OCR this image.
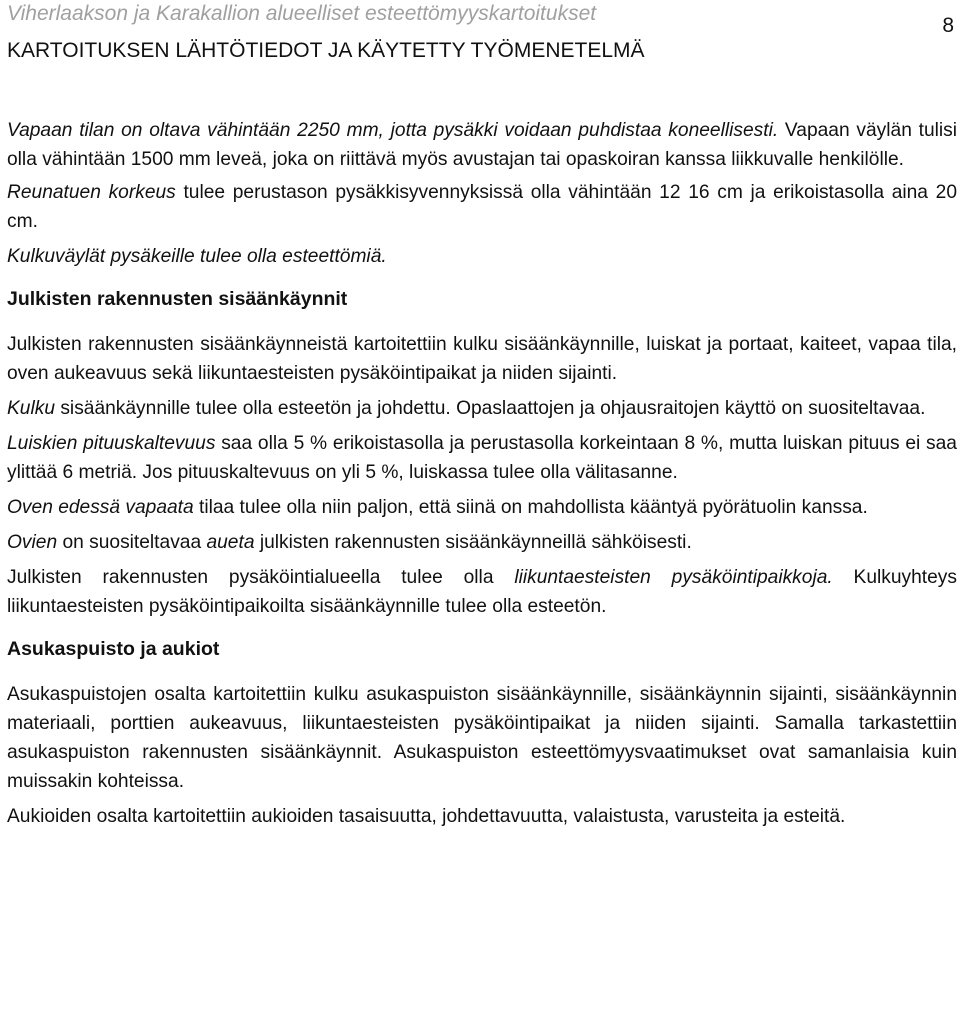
Viherlaakson ja Karakallion alueelliset esteettömyyskartoitukset
8
KARTOITUKSEN LÄHTÖTIEDOT JA KÄYTETTY TYÖMENETELMÄ

Vapaan tilan on oltava vähintään 2250 mm, jotta pysäkki voidaan puhdistaa koneellisesti. Vapaan väylän tulisi olla vähintään 1500 mm leveä, joka on riittävä myös avustajan tai opaskoiran kanssa liikkuvalle henkilölle.

Reunatuen korkeus tulee perustason pysäkkisyvennyksissä olla vähintään 12 16 cm ja erikoistasolla aina 20 cm.

Kulkuväylät pysäkeille tulee olla esteettömiä.

Julkisten rakennusten sisäänkäynnit

Julkisten rakennusten sisäänkäynneistä kartoitettiin kulku sisäänkäynnille, luiskat ja portaat, kaiteet, vapaa tila, oven aukeavuus sekä liikuntaesteisten pysäköintipaikat ja niiden sijainti.

Kulku sisäänkäynnille tulee olla esteetön ja johdettu. Opaslaattojen ja ohjausraitojen käyttö on suositeltavaa.

Luiskien pituuskaltevuus saa olla 5 % erikoistasolla ja perustasolla korkeintaan 8 %, mutta luiskan pituus ei saa ylittää 6 metriä. Jos pituuskaltevuus on yli 5 %, luiskassa tulee olla välitasanne.

Oven edessä vapaata tilaa tulee olla niin paljon, että siinä on mahdollista kääntyä pyörätuolin kanssa.

Ovien on suositeltavaa aueta julkisten rakennusten sisäänkäynneillä sähköisesti.

Julkisten rakennusten pysäköintialueella tulee olla liikuntaesteisten pysäköintipaikkoja. Kulkuyhteys liikuntaesteisten pysäköintipaikoilta sisäänkäynnille tulee olla esteetön.

Asukaspuisto ja aukiot

Asukaspuistojen osalta kartoitettiin kulku asukaspuiston sisäänkäynnille, sisäänkäynnin sijainti, sisäänkäynnin materiaali, porttien aukeavuus, liikuntaesteisten pysäköintipaikat ja niiden sijainti. Samalla tarkastettiin asukaspuiston rakennusten sisäänkäynnit. Asukaspuiston esteettömyysvaatimukset ovat samanlaisia kuin muissakin kohteissa.

Aukioiden osalta kartoitettiin aukioiden tasaisuutta, johdettavuutta, valaistusta, varusteita ja esteitä.
